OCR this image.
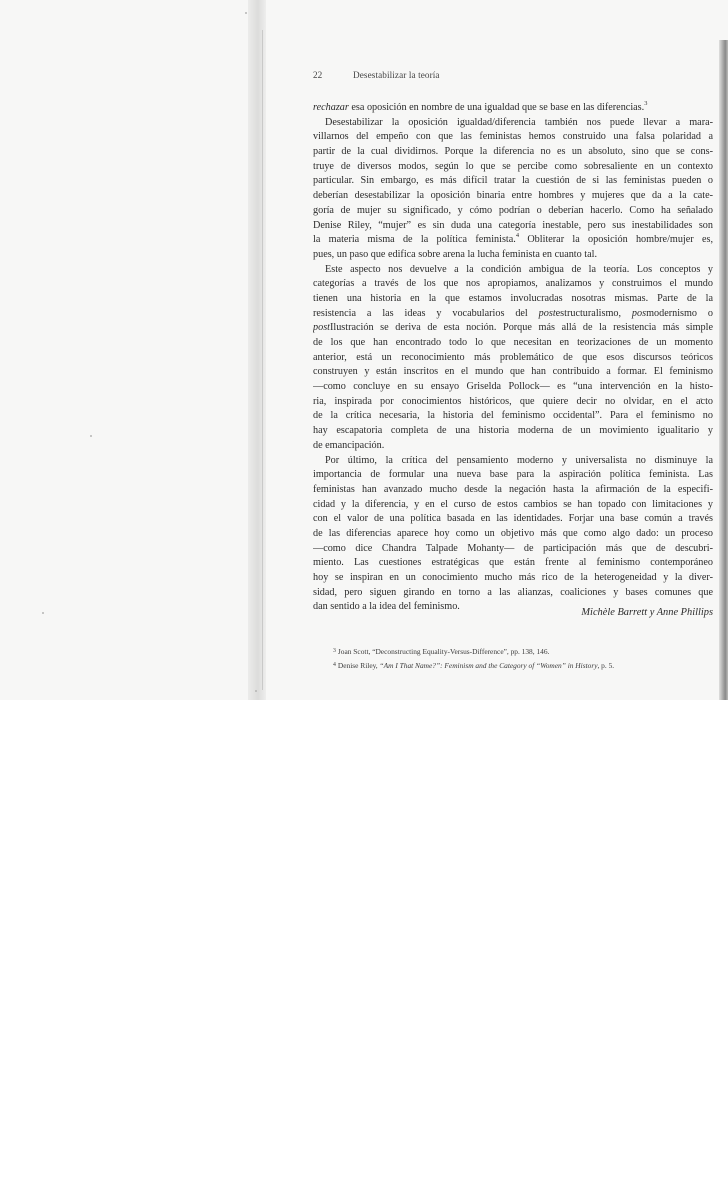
22	Desestabilizar la teoría
rechazar esa oposición en nombre de una igualdad que se base en las diferencias.$^3$
Desestabilizar la oposición igualdad/diferencia también nos puede llevar a mara-
villarnos del empeño con que las feministas hemos construido una falsa polaridad a
partir de la cual dividirnos. Porque la diferencia no es un absoluto, sino que se cons-
truye de diversos modos, según lo que se percibe como sobresaliente en un contexto
particular. Sin embargo, es más difícil tratar la cuestión de si las feministas pueden o
deberían desestabilizar la oposición binaria entre hombres y mujeres que da a la cate-
goría de mujer su significado, y cómo podrían o deberían hacerlo. Como ha señalado
Denise Riley, “mujer” es sin duda una categoría inestable, pero sus inestabilidades son
la materia misma de la política feminista.$^4$ Obliterar la oposición hombre/mujer es,
pues, un paso que edifica sobre arena la lucha feminista en cuanto tal.
Este aspecto nos devuelve a la condición ambigua de la teoría. Los conceptos y
categorías a través de los que nos apropiamos, analizamos y construimos el mundo
tienen una historia en la que estamos involucradas nosotras mismas. Parte de la
resistencia a las ideas y vocabularios del postestructuralismo, posmodernismo o
postIlustración se deriva de esta noción. Porque más allá de la resistencia más simple
de los que han encontrado todo lo que necesitan en teorizaciones de un momento
anterior, está un reconocimiento más problemático de que esos discursos teóricos
construyen y están inscritos en el mundo que han contribuido a formar. El feminismo
—como concluye en su ensayo Griselda Pollock— es “una intervención en la histo-
ria, inspirada por conocimientos históricos, que quiere decir no olvidar, en el acto
de la crítica necesaria, la historia del feminismo occidental”. Para el feminismo no
hay escapatoria completa de una historia moderna de un movimiento igualitario y
de emancipación.
Por último, la crítica del pensamiento moderno y universalista no disminuye la
importancia de formular una nueva base para la aspiración política feminista. Las
feministas han avanzado mucho desde la negación hasta la afirmación de la especifi-
cidad y la diferencia, y en el curso de estos cambios se han topado con limitaciones y
con el valor de una política basada en las identidades. Forjar una base común a través
de las diferencias aparece hoy como un objetivo más que como algo dado: un proceso
—como dice Chandra Talpade Mohanty— de participación más que de descubri-
miento. Las cuestiones estratégicas que están frente al feminismo contemporáneo
hoy se inspiran en un conocimiento mucho más rico de la heterogeneidad y la diver-
sidad, pero siguen girando en torno a las alianzas, coaliciones y bases comunes que
dan sentido a la idea del feminismo.
Michèle Barrett y Anne Phillips
$^3$ Joan Scott, “Deconstructing Equality-Versus-Difference”, pp. 138, 146.
$^4$ Denise Riley, “Am I That Name?”: Feminism and the Category of “Women” in History, p. 5.
